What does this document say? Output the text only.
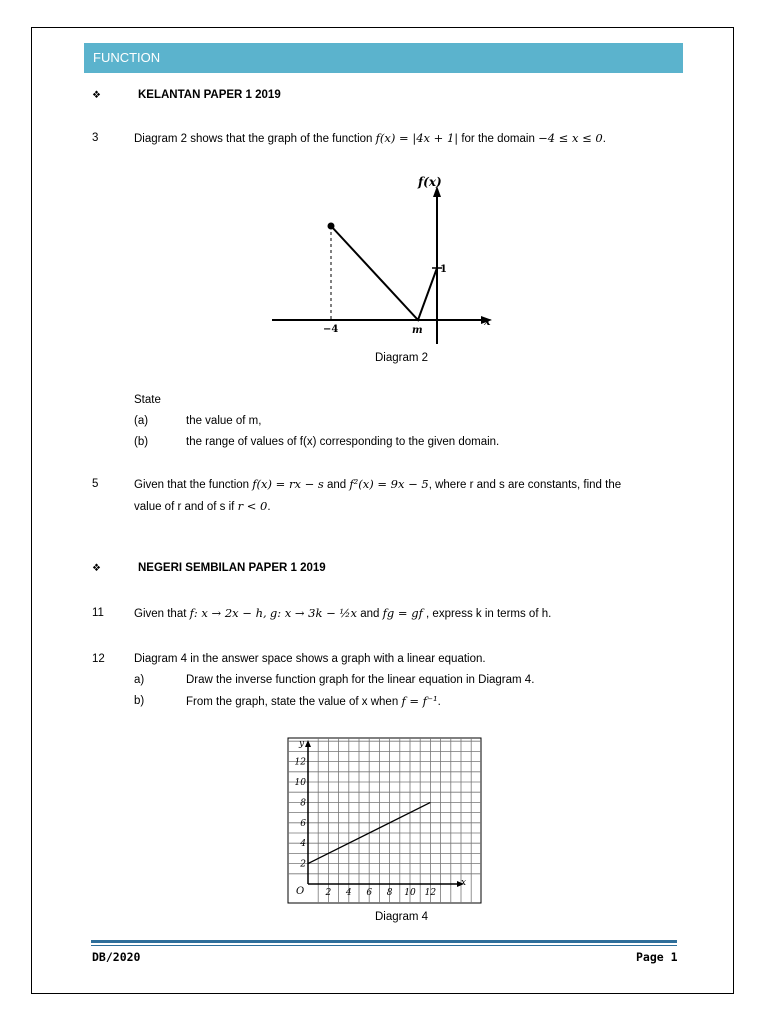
FUNCTION
❖	KELANTAN PAPER 1 2019
3	Diagram 2 shows that the graph of the function f(x) = |4x + 1| for the domain −4 ≤ x ≤ 0.
f(x)
x
−4	m
1
Diagram 2
State
(a)	the value of m,
(b)	the range of values of f(x) corresponding to the given domain.
5	Given that the function f(x) = rx − s and f²(x) = 9x − 5, where r and s are constants, find the
value of r and of s if r < 0.
❖	NEGERI SEMBILAN PAPER 1 2019
11	Given that f: x → 2x − h, g: x → 3k − ½x and fg = gf , express k in terms of h.
12	Diagram 4 in the answer space shows a graph with a linear equation.
a)	Draw the inverse function graph for the linear equation in Diagram 4.
b)	From the graph, state the value of x when f = f⁻¹.
2 4 6 8 10 12
2
4
6
8
10
12
O
x
y
Diagram 4
DB/2020	Page 1
